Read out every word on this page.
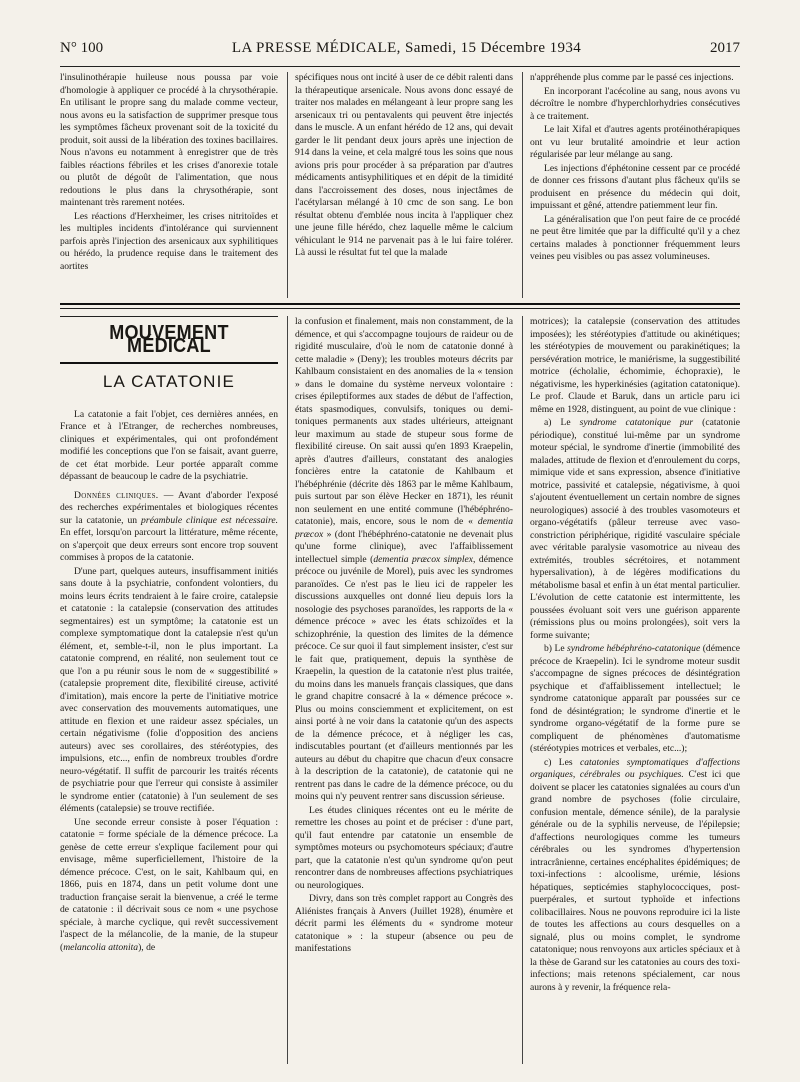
N° 100	LA PRESSE MÉDICALE, Samedi, 15 Décembre 1934	2017

l'insulinothérapie huileuse nous poussa par voie d'homologie à appliquer ce procédé à la chrysothérapie. En utilisant le propre sang du malade comme vecteur, nous avons eu la satisfaction de supprimer presque tous les symptômes fâcheux provenant soit de la toxicité du produit, soit aussi de la libération des toxines bacillaires. Nous n'avons eu notamment à enregistrer que de très faibles réactions fébriles et les crises d'anorexie totale ou plutôt de dégoût de l'alimentation, que nous redoutions le plus dans la chrysothérapie, sont maintenant très rarement notées.

Les réactions d'Herxheimer, les crises nitritoïdes et les multiples incidents d'intolérance qui surviennent parfois après l'injection des arsenicaux aux syphilitiques ou hérédo, la prudence requise dans le traitement des aortites

spécifiques nous ont incité à user de ce débit ralenti dans la thérapeutique arsenicale. Nous avons donc essayé de traiter nos malades en mélangeant à leur propre sang les arsenicaux tri ou pentavalents qui peuvent être injectés dans le muscle. A un enfant hérédo de 12 ans, qui devait garder le lit pendant deux jours après une injection de 914 dans la veine, et cela malgré tous les soins que nous avions pris pour procéder à sa préparation par d'autres médicaments antisyphilitiques et en dépit de la timidité dans l'accroissement des doses, nous injectâmes de l'acétylarsan mélangé à 10 cmc de son sang. Le bon résultat obtenu d'emblée nous incita à l'appliquer chez une jeune fille hérédo, chez laquelle même le calcium véhiculant le 914 ne parvenait pas à le lui faire tolérer. Là aussi le résultat fut tel que la malade

n'appréhende plus comme par le passé ces injections.

En incorporant l'acécoline au sang, nous avons vu décroître le nombre d'hyperchlorhydries consécutives à ce traitement.

Le lait Xifal et d'autres agents protéinothérapiques ont vu leur brutalité amoindrie et leur action régularisée par leur mélange au sang.

Les injections d'éphétonine cessent par ce procédé de donner ces frissons d'autant plus fâcheux qu'ils se produisent en présence du médecin qui doit, impuissant et gêné, attendre patiemment leur fin.

La généralisation que l'on peut faire de ce procédé ne peut être limitée que par la difficulté qu'il y a chez certains malades à ponctionner fréquemment leurs veines peu visibles ou pas assez volumineuses.

MOUVEMENT MÉDICAL
LA CATATONIE

La catatonie a fait l'objet, ces dernières années, en France et à l'Etranger, de recherches nombreuses, cliniques et expérimentales, qui ont profondément modifié les conceptions que l'on se faisait, avant guerre, de cet état morbide. Leur portée apparaît comme dépassant de beaucoup le cadre de la psychiatrie.

Données cliniques. — Avant d'aborder l'exposé des recherches expérimentales et biologiques récentes sur la catatonie, un préambule clinique est nécessaire. En effet, lorsqu'on parcourt la littérature, même récente, on s'aperçoit que deux erreurs sont encore trop souvent commises à propos de la catatonie.

D'une part, quelques auteurs, insuffisamment initiés sans doute à la psychiatrie, confondent volontiers, du moins leurs écrits tendraient à le faire croire, catalepsie et catatonie : la catalepsie (conservation des attitudes segmentaires) est un symptôme; la catatonie est un complexe symptomatique dont la catalepsie n'est qu'un élément, et, semble-t-il, non le plus important. La catatonie comprend, en réalité, non seulement tout ce que l'on a pu réunir sous le nom de « suggestibilité » (catalepsie proprement dite, flexibilité cireuse, activité d'imitation), mais encore la perte de l'initiative motrice avec conservation des mouvements automatiques, une attitude en flexion et une raideur assez spéciales, un certain négativisme (folie d'opposition des anciens auteurs) avec ses corollaires, des stéréotypies, des impulsions, etc..., enfin de nombreux troubles d'ordre neuro-végétatif. Il suffit de parcourir les traités récents de psychiatrie pour que l'erreur qui consiste à assimiler le syndrome entier (catatonie) à l'un seulement de ses éléments (catalepsie) se trouve rectifiée.

Une seconde erreur consiste à poser l'équation : catatonie = forme spéciale de la démence précoce. La genèse de cette erreur s'explique facilement pour qui envisage, même superficiellement, l'histoire de la démence précoce. C'est, on le sait, Kahlbaum qui, en 1866, puis en 1874, dans un petit volume dont une traduction française serait la bienvenue, a créé le terme de catatonie : il décrivait sous ce nom « une psychose spéciale, à marche cyclique, qui revêt successivement l'aspect de la mélancolie, de la manie, de la stupeur (melancolia attonita), de

la confusion et finalement, mais non constamment, de la démence, et qui s'accompagne toujours de raideur ou de rigidité musculaire, d'où le nom de catatonie donné à cette maladie » (Deny); les troubles moteurs décrits par Kahlbaum consistaient en des anomalies de la « tension » dans le domaine du système nerveux volontaire : crises épileptiformes aux stades de début de l'affection, états spasmodiques, convulsifs, toniques ou demi-toniques permanents aux stades ultérieurs, atteignant leur maximum au stade de stupeur sous forme de flexibilité cireuse. On sait aussi qu'en 1893 Kraepelin, après d'autres d'ailleurs, constatant des analogies foncières entre la catatonie de Kahlbaum et l'hébéphrénie (décrite dès 1863 par le même Kahlbaum, puis surtout par son élève Hecker en 1871), les réunit non seulement en une entité commune (l'hébéphréno-catatonie), mais, encore, sous le nom de « dementia præcox » (dont l'hébéphréno-catatonie ne devenait plus qu'une forme clinique), avec l'affaiblissement intellectuel simple (dementia præcox simplex, démence précoce ou juvénile de Morel), puis avec les syndromes paranoïdes. Ce n'est pas le lieu ici de rappeler les discussions auxquelles ont donné lieu depuis lors la nosologie des psychoses paranoïdes, les rapports de la « démence précoce » avec les états schizoïdes et la schizophrénie, la question des limites de la démence précoce. Ce sur quoi il faut simplement insister, c'est sur le fait que, pratiquement, depuis la synthèse de Kraepelin, la question de la catatonie n'est plus traitée, du moins dans les manuels français classiques, que dans le grand chapitre consacré à la « démence précoce ». Plus ou moins consciemment et explicitement, on est ainsi porté à ne voir dans la catatonie qu'un des aspects de la démence précoce, et à négliger les cas, indiscutables pourtant (et d'ailleurs mentionnés par les auteurs au début du chapitre que chacun d'eux consacre à la description de la catatonie), de catatonie qui ne rentrent pas dans le cadre de la démence précoce, ou du moins qui n'y peuvent rentrer sans discussion sérieuse.

Les études cliniques récentes ont eu le mérite de remettre les choses au point et de préciser : d'une part, qu'il faut entendre par catatonie un ensemble de symptômes moteurs ou psychomoteurs spéciaux; d'autre part, que la catatonie n'est qu'un syndrome qu'on peut rencontrer dans de nombreuses affections psychiatriques ou neurologiques.

Divry, dans son très complet rapport au Congrès des Aliénistes français à Anvers (Juillet 1928), énumère et décrit parmi les éléments du « syndrome moteur catatonique » : la stupeur (absence ou peu de manifestations

motrices); la catalepsie (conservation des attitudes imposées); les stéréotypies d'attitude ou akinétiques; les stéréotypies de mouvement ou parakinétiques; la persévération motrice, le maniérisme, la suggestibilité motrice (écholalie, échomimie, échopraxie), le négativisme, les hyperkinésies (agitation catatonique). Le prof. Claude et Baruk, dans un article paru ici même en 1928, distinguent, au point de vue clinique :

a) Le syndrome catatonique pur (catatonie périodique), constitué lui-même par un syndrome moteur spécial, le syndrome d'inertie (immobilité des malades, attitude de flexion et d'enroulement du corps, mimique vide et sans expression, absence d'initiative motrice, passivité et catalepsie, négativisme, à quoi s'ajoutent éventuellement un certain nombre de signes neurologiques) associé à des troubles vasomoteurs et organo-végétatifs (pâleur terreuse avec vaso-constriction périphérique, rigidité vasculaire spéciale avec véritable paralysie vasomotrice au niveau des extrémités, troubles sécrétoires, et notamment hypersalivation), à de légères modifications du métabolisme basal et enfin à un état mental particulier. L'évolution de cette catatonie est intermittente, les poussées évoluant soit vers une guérison apparente (rémissions plus ou moins prolongées), soit vers la forme suivante;

b) Le syndrome hébéphréno-catatonique (démence précoce de Kraepelin). Ici le syndrome moteur susdit s'accompagne de signes précoces de désintégration psychique et d'affaiblissement intellectuel; le syndrome catatonique apparaît par poussées sur ce fond de désintégration; le syndrome d'inertie et le syndrome organo-végétatif de la forme pure se compliquent de phénomènes d'automatisme (stéréotypies motrices et verbales, etc...);

c) Les catatonies symptomatiques d'affections organiques, cérébrales ou psychiques. C'est ici que doivent se placer les catatonies signalées au cours d'un grand nombre de psychoses (folie circulaire, confusion mentale, démence sénile), de la paralysie générale ou de la syphilis nerveuse, de l'épilepsie; d'affections neurologiques comme les tumeurs cérébrales ou les syndromes d'hypertension intracrânienne, certaines encéphalites épidémiques; de toxi-infections : alcoolisme, urémie, lésions hépatiques, septicémies staphylococciques, post-puerpérales, et surtout typhoïde et infections colibacillaires. Nous ne pouvons reproduire ici la liste de toutes les affections au cours desquelles on a signalé, plus ou moins complet, le syndrome catatonique; nous renvoyons aux articles spéciaux et à la thèse de Garand sur les catatonies au cours des toxi-infections; mais retenons spécialement, car nous aurons à y revenir, la fréquence rela-
